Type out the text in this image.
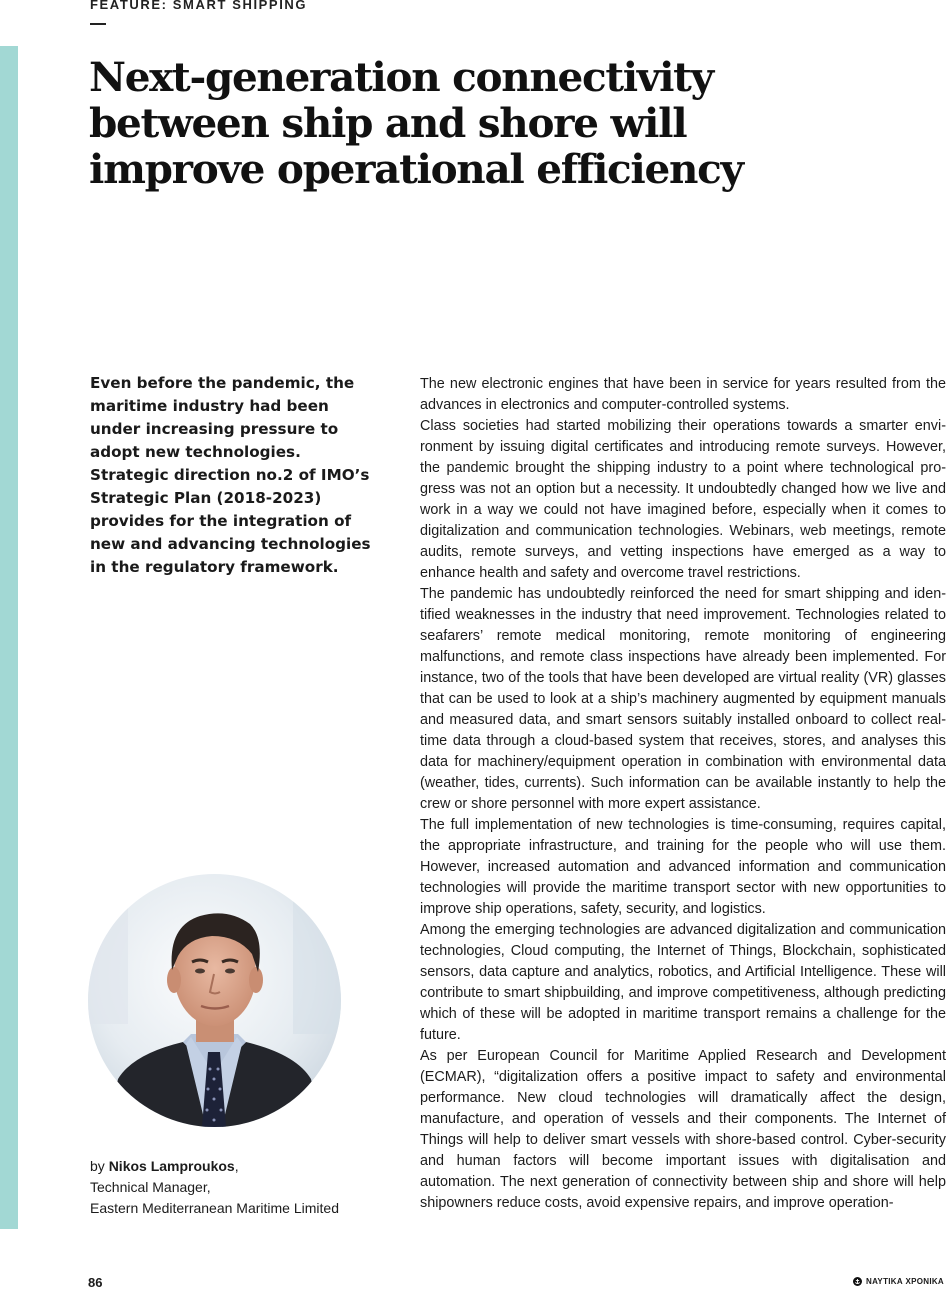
FEATURE: SMART SHIPPING
Next-generation connectivity between ship and shore will improve operational efficiency

Even before the pandemic, the maritime industry had been under increasing pressure to adopt new technologies. Strategic direction no.2 of IMO’s Strategic Plan (2018-2023) provides for the integration of new and advancing technologies in the regulatory framework.

The new electronic engines that have been in service for years resulted from the advances in electronics and computer-controlled systems.

Class societies had started mobilizing their operations towards a smarter environment by issuing digital certificates and introducing remote surveys. However, the pandemic brought the shipping industry to a point where technological progress was not an option but a necessity. It undoubtedly changed how we live and work in a way we could not have imagined before, especially when it comes to digitalization and communication technologies. Webinars, web meetings, remote audits, remote surveys, and vetting inspections have emerged as a way to enhance health and safety and overcome travel restrictions.

The pandemic has undoubtedly reinforced the need for smart shipping and identified weaknesses in the industry that need improvement. Technologies related to seafarers’ remote medical monitoring, remote monitoring of engineering malfunctions, and remote class inspections have already been implemented. For instance, two of the tools that have been developed are virtual reality (VR) glasses that can be used to look at a ship’s machinery augmented by equipment manuals and measured data, and smart sensors suitably installed onboard to collect real-time data through a cloud-based system that receives, stores, and analyses this data for machinery/equipment operation in combination with environmental data (weather, tides, currents). Such information can be available instantly to help the crew or shore personnel with more expert assistance.

The full implementation of new technologies is time-consuming, requires capital, the appropriate infrastructure, and training for the people who will use them. However, increased automation and advanced information and communication technologies will provide the maritime transport sector with new opportunities to improve ship operations, safety, security, and logistics.

Among the emerging technologies are advanced digitalization and communication technologies, Cloud computing, the Internet of Things, Blockchain, sophisticated sensors, data capture and analytics, robotics, and Artificial Intelligence. These will contribute to smart shipbuilding, and improve competitiveness, although predicting which of these will be adopted in maritime transport remains a challenge for the future.

As per European Council for Maritime Applied Research and Development (ECMAR), “digitalization offers a positive impact to safety and environmental performance. New cloud technologies will dramatically affect the design, manufacture, and operation of vessels and their components. The Internet of Things will help to deliver smart vessels with shore-based control. Cyber-security and human factors will become important issues with digitalisation and automation. The next generation of connectivity between ship and shore will help shipowners reduce costs, avoid expensive repairs, and improve operation-

by Nikos Lamproukos,
Technical Manager,
Eastern Mediterranean Maritime Limited
86	ΝΑΥΤΙΚΑ ΧΡΟΝΙΚΑ
